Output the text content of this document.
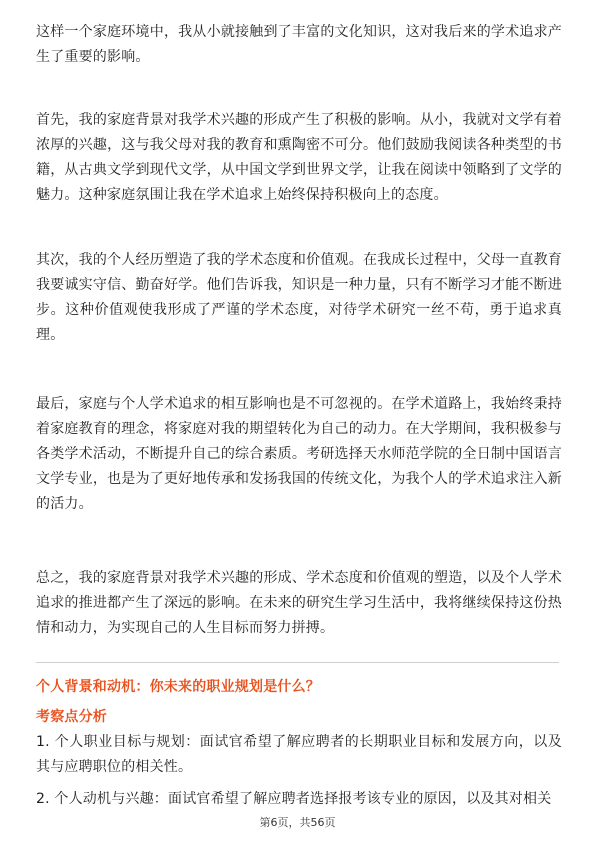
这样一个家庭环境中，我从小就接触到了丰富的文化知识，这对我后来的学术追求产生了重要的影响。

首先，我的家庭背景对我学术兴趣的形成产生了积极的影响。从小，我就对文学有着浓厚的兴趣，这与我父母对我的教育和熏陶密不可分。他们鼓励我阅读各种类型的书籍，从古典文学到现代文学，从中国文学到世界文学，让我在阅读中领略到了文学的魅力。这种家庭氛围让我在学术追求上始终保持积极向上的态度。

其次，我的个人经历塑造了我的学术态度和价值观。在我成长过程中，父母一直教育我要诚实守信、勤奋好学。他们告诉我，知识是一种力量，只有不断学习才能不断进步。这种价值观使我形成了严谨的学术态度，对待学术研究一丝不苟，勇于追求真理。

最后，家庭与个人学术追求的相互影响也是不可忽视的。在学术道路上，我始终秉持着家庭教育的理念，将家庭对我的期望转化为自己的动力。在大学期间，我积极参与各类学术活动，不断提升自己的综合素质。考研选择天水师范学院的全日制中国语言文学专业，也是为了更好地传承和发扬我国的传统文化，为我个人的学术追求注入新的活力。

总之，我的家庭背景对我学术兴趣的形成、学术态度和价值观的塑造，以及个人学术追求的推进都产生了深远的影响。在未来的研究生学习生活中，我将继续保持这份热情和动力，为实现自己的人生目标而努力拼搏。

个人背景和动机：你未来的职业规划是什么？

考察点分析

1. 个人职业目标与规划：面试官希望了解应聘者的长期职业目标和发展方向，以及其与应聘职位的相关性。

2. 个人动机与兴趣：面试官希望了解应聘者选择报考该专业的原因，以及其对相关

第6页，共56页
